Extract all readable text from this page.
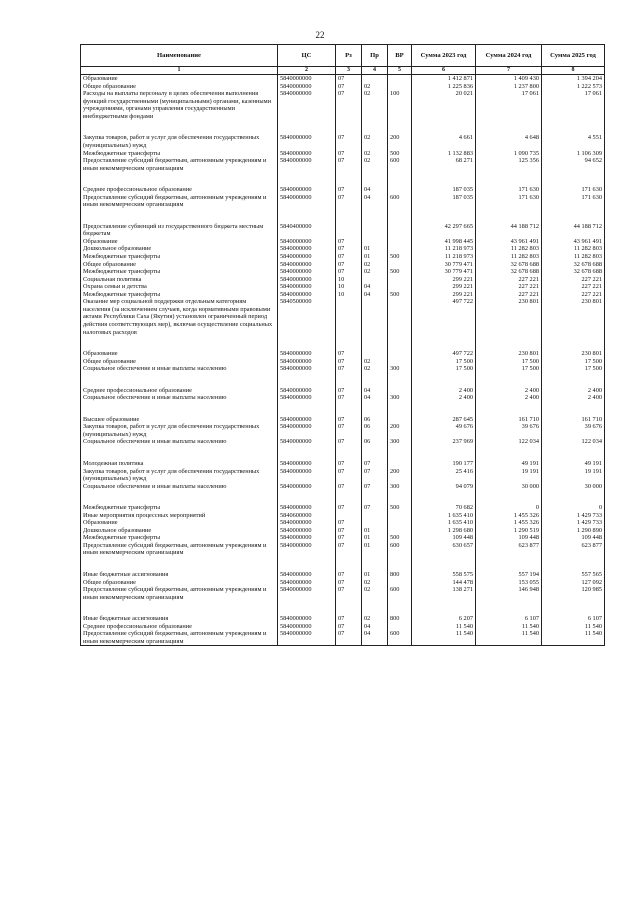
22
Наименование	ЦС	Рз	Пр	ВР	Сумма 2023 год	Сумма 2024 год	Сумма 2025 год
1	2	3	4	5	6	7	8
Образование	5840000000	07			1 412 871	1 409 430	1 394 204
Общее образование	5840000000	07	02		1 225 836	1 237 800	1 222 573
Расходы на выплаты персоналу в целях обеспечения выполнения функций государственными (муниципальными) органами, казенными учреждениями, органами управления государственными внебюджетными фондами	5840000000	07	02	100	20 021	17 061	17 061

Закупка товаров, работ и услуг для обеспечения государственных (муниципальных) нужд	5840000000	07	02	200	4 661	4 648	4 551
Межбюджетные трансферты	5840000000	07	02	500	1 132 883	1 090 735	1 106 309
Предоставление субсидий бюджетным, автономным учреждениям и иным некоммерческим организациям	5840000000	07	02	600	68 271	125 356	94 652

Среднее профессиональное образование	5840000000	07	04		187 035	171 630	171 630
Предоставление субсидий бюджетным, автономным учреждениям и иным некоммерческим организациям	5840000000	07	04	600	187 035	171 630	171 630

Предоставление субвенций из государственного бюджета местным бюджетам	5840400000				42 297 665	44 188 712	44 188 712
Образование	5840000000	07			41 998 445	43 961 491	43 961 491
Дошкольное образование	5840000000	07	01		11 218 973	11 282 803	11 282 803
Межбюджетные трансферты	5840000000	07	01	500	11 218 973	11 282 803	11 282 803
Общее образование	5840000000	07	02		30 779 471	32 678 688	32 678 688
Межбюджетные трансферты	5840000000	07	02	500	30 779 471	32 678 688	32 678 688
Социальная политика	5840000000	10			299 221	227 221	227 221
Охрана семьи и детства	5840000000	10	04		299 221	227 221	227 221
Межбюджетные трансферты	5840000000	10	04	500	299 221	227 221	227 221
Оказание мер социальной поддержки отдельным категориям населения (за исключением случаев, когда нормативными правовыми актами Республики Саха (Якутия) установлен ограниченный период действия соответствующих мер), включая осуществление социальных налоговых расходов	5840500000				497 722	230 801	230 801

Образование	5840000000	07			497 722	230 801	230 801
Общее образование	5840000000	07	02		17 500	17 500	17 500
Социальное обеспечение и иные выплаты населению	5840000000	07	02	300	17 500	17 500	17 500

Среднее профессиональное образование	5840000000	07	04		2 400	2 400	2 400
Социальное обеспечение и иные выплаты населению	5840000000	07	04	300	2 400	2 400	2 400

Высшее образование	5840000000	07	06		287 645	161 710	161 710
Закупка товаров, работ и услуг для обеспечения государственных (муниципальных) нужд	5840000000	07	06	200	49 676	39 676	39 676
Социальное обеспечение и иные выплаты населению	5840000000	07	06	300	237 969	122 034	122 034

Молодежная политика	5840000000	07	07		190 177	49 191	49 191
Закупка товаров, работ и услуг для обеспечения государственных (муниципальных) нужд	5840000000	07	07	200	25 416	19 191	19 191
Социальное обеспечение и иные выплаты населению	5840000000	07	07	300	94 079	30 000	30 000

Межбюджетные трансферты	5840000000	07	07	500	70 682	0	0
Иные мероприятия процессных мероприятий	5840600000				1 635 410	1 455 326	1 429 733
Образование	5840000000	07			1 635 410	1 455 326	1 429 733
Дошкольное образование	5840000000	07	01		1 298 680	1 290 519	1 290 890
Межбюджетные трансферты	5840000000	07	01	500	109 448	109 448	109 448
Предоставление субсидий бюджетным, автономным учреждениям и иным некоммерческим организациям	5840000000	07	01	600	630 657	623 877	623 877

Иные бюджетные ассигнования	5840000000	07	01	800	558 575	557 194	557 565
Общее образование	5840000000	07	02		144 478	153 055	127 092
Предоставление субсидий бюджетным, автономным учреждениям и иным некоммерческим организациям	5840000000	07	02	600	138 271	146 948	120 985

Иные бюджетные ассигнования	5840000000	07	02	800	6 207	6 107	6 107
Среднее профессиональное образование	5840000000	07	04		11 540	11 540	11 540
Предоставление субсидий бюджетным, автономным учреждениям и иным некоммерческим организациям	5840000000	07	04	600	11 540	11 540	11 540
